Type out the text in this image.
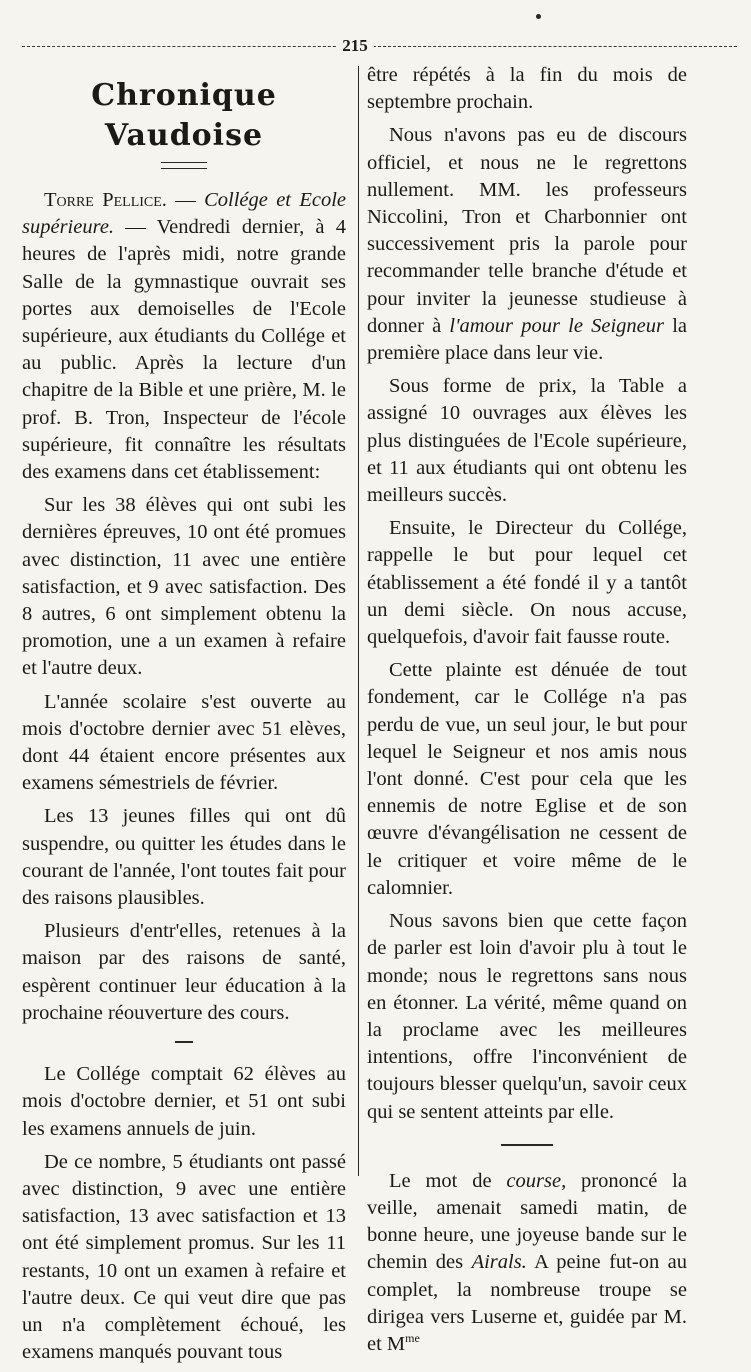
215
Chronique Vaudoise

Torre Pellice. — Collége et Ecole supérieure. — Vendredi dernier, à 4 heures de l'après midi, notre grande Salle de la gymnastique ouvrait ses portes aux demoiselles de l'Ecole supérieure, aux étudiants du Collége et au public. Après la lecture d'un chapitre de la Bible et une prière, M. le prof. B. Tron, Inspecteur de l'école supérieure, fit connaître les résultats des examens dans cet établissement:

Sur les 38 élèves qui ont subi les dernières épreuves, 10 ont été promues avec distinction, 11 avec une entière satisfaction, et 9 avec satisfaction. Des 8 autres, 6 ont simplement obtenu la promotion, une a un examen à refaire et l'autre deux.

L'année scolaire s'est ouverte au mois d'octobre dernier avec 51 elèves, dont 44 étaient encore présentes aux examens sémestriels de février.

Les 13 jeunes filles qui ont dû suspendre, ou quitter les études dans le courant de l'année, l'ont toutes fait pour des raisons plausibles.

Plusieurs d'entr'elles, retenues à la maison par des raisons de santé, espèrent continuer leur éducation à la prochaine réouverture des cours.

Le Collége comptait 62 élèves au mois d'octobre dernier, et 51 ont subi les examens annuels de juin.

De ce nombre, 5 étudiants ont passé avec distinction, 9 avec une entière satisfaction, 13 avec satisfaction et 13 ont été simplement promus. Sur les 11 restants, 10 ont un examen à refaire et l'autre deux. Ce qui veut dire que pas un n'a complètement échoué, les examens manqués pouvant tous

être répétés à la fin du mois de septembre prochain.

Nous n'avons pas eu de discours officiel, et nous ne le regrettons nullement. MM. les professeurs Niccolini, Tron et Charbonnier ont successivement pris la parole pour recommander telle branche d'étude et pour inviter la jeunesse studieuse à donner à l'amour pour le Seigneur la première place dans leur vie.

Sous forme de prix, la Table a assigné 10 ouvrages aux élèves les plus distinguées de l'Ecole supérieure, et 11 aux étudiants qui ont obtenu les meilleurs succès.

Ensuite, le Directeur du Collége, rappelle le but pour lequel cet établissement a été fondé il y a tantôt un demi siècle. On nous accuse, quelquefois, d'avoir fait fausse route.

Cette plainte est dénuée de tout fondement, car le Collége n'a pas perdu de vue, un seul jour, le but pour lequel le Seigneur et nos amis nous l'ont donné. C'est pour cela que les ennemis de notre Eglise et de son œuvre d'évangélisation ne cessent de le critiquer et voire même de le calomnier.

Nous savons bien que cette façon de parler est loin d'avoir plu à tout le monde; nous le regrettons sans nous en étonner. La vérité, même quand on la proclame avec les meilleures intentions, offre l'inconvénient de toujours blesser quelqu'un, savoir ceux qui se sentent atteints par elle.

Le mot de course, prononcé la veille, amenait samedi matin, de bonne heure, une joyeuse bande sur le chemin des Airals. A peine fut-on au complet, la nombreuse troupe se dirigea vers Luserne et, guidée par M. et $M^{me}$
